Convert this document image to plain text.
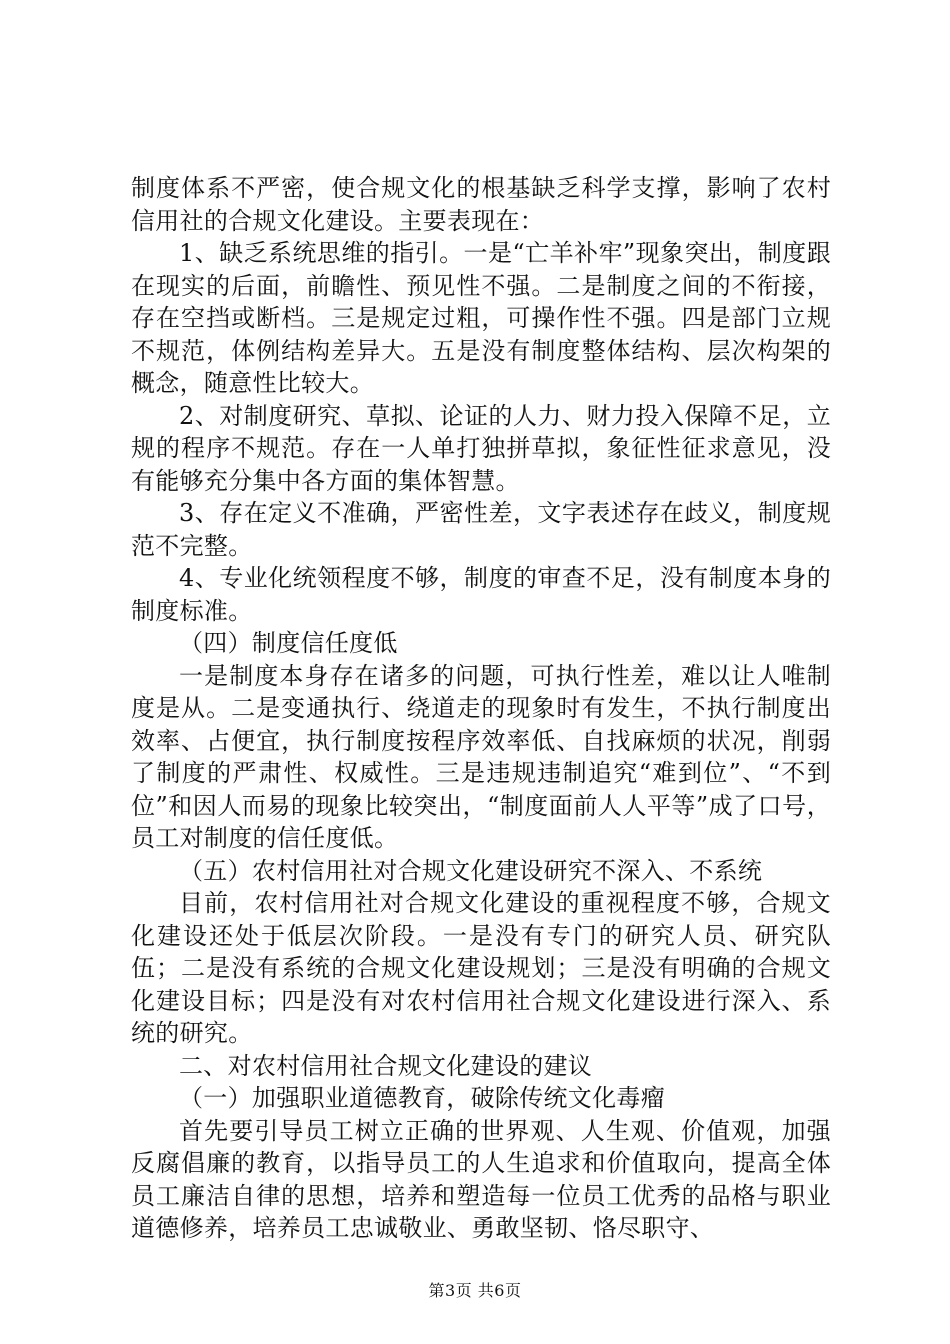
制度体系不严密，使合规文化的根基缺乏科学支撑，影响了农村信用社的合规文化建设。主要表现在：

1、缺乏系统思维的指引。一是“亡羊补牢”现象突出，制度跟在现实的后面，前瞻性、预见性不强。二是制度之间的不衔接，存在空挡或断档。三是规定过粗，可操作性不强。四是部门立规不规范，体例结构差异大。五是没有制度整体结构、层次构架的概念，随意性比较大。

2、对制度研究、草拟、论证的人力、财力投入保障不足，立规的程序不规范。存在一人单打独拼草拟，象征性征求意见，没有能够充分集中各方面的集体智慧。

3、存在定义不准确，严密性差，文字表述存在歧义，制度规范不完整。

4、专业化统领程度不够，制度的审查不足，没有制度本身的制度标准。

（四）制度信任度低

一是制度本身存在诸多的问题，可执行性差，难以让人唯制度是从。二是变通执行、绕道走的现象时有发生，不执行制度出效率、占便宜，执行制度按程序效率低、自找麻烦的状况，削弱了制度的严肃性、权威性。三是违规违制追究“难到位”、“不到位”和因人而易的现象比较突出，“制度面前人人平等”成了口号，员工对制度的信任度低。

（五）农村信用社对合规文化建设研究不深入、不系统

目前，农村信用社对合规文化建设的重视程度不够，合规文化建设还处于低层次阶段。一是没有专门的研究人员、研究队伍；二是没有系统的合规文化建设规划；三是没有明确的合规文化建设目标；四是没有对农村信用社合规文化建设进行深入、系统的研究。

二、对农村信用社合规文化建设的建议

（一）加强职业道德教育，破除传统文化毒瘤

首先要引导员工树立正确的世界观、人生观、价值观，加强反腐倡廉的教育，以指导员工的人生追求和价值取向，提高全体员工廉洁自律的思想，培养和塑造每一位员工优秀的品格与职业道德修养，培养员工忠诚敬业、勇敢坚韧、恪尽职守、

第3页 共6页
